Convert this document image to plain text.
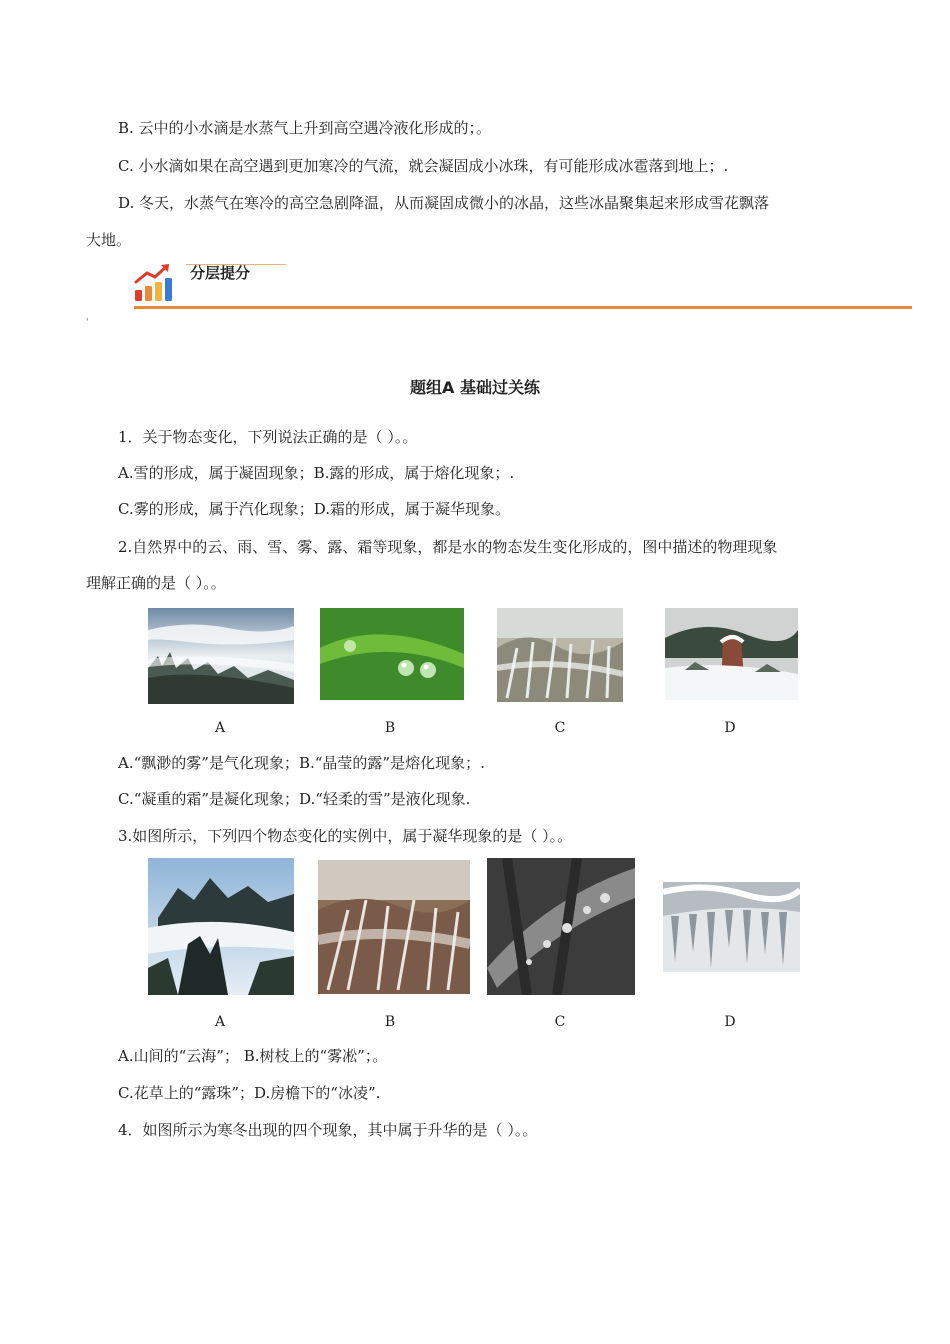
B. 云中的小水滴是水蒸气上升到高空遇冷液化形成的；。
C. 小水滴如果在高空遇到更加寒冷的气流，就会凝固成小冰珠，有可能形成冰雹落到地上；.
D. 冬天，水蒸气在寒冷的高空急剧降温，从而凝固成微小的冰晶，这些冰晶聚集起来形成雪花飘落
大地。
分层提分
'
题组A 基础过关练
1．关于物态变化，下列说法正确的是（ ）。。
A.雪的形成，属于凝固现象；B.露的形成，属于熔化现象；.
C.雾的形成，属于汽化现象；D.霜的形成，属于凝华现象。
2.自然界中的云、雨、雪、雾、露、霜等现象，都是水的物态发生变化形成的，图中描述的物理现象
理解正确的是（ ）。。
A	B	C	D
A.“飘渺的雾”是气化现象；B.“晶莹的露”是熔化现象；.
C.“凝重的霜”是凝化现象；D.“轻柔的雪”是液化现象.
3.如图所示，下列四个物态变化的实例中，属于凝华现象的是（ ）。。
A	B	C	D
A.山间的“云海”； B.树枝上的“雾凇”；。
C.花草上的“露珠”；D.房檐下的“冰凌”.
4．如图所示为寒冬出现的四个现象，其中属于升华的是（ ）。。
